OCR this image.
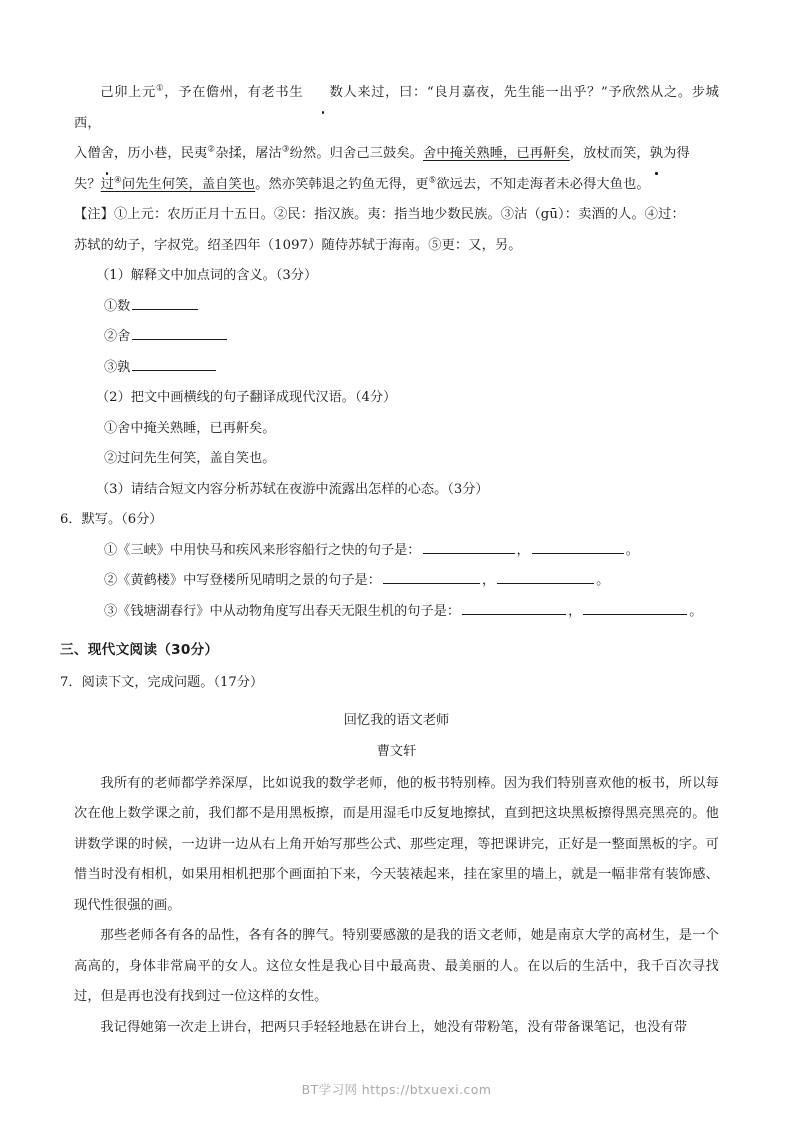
己卯上元①，予在儋州，有老书生 数人来过，曰：“良月嘉夜，先生能一出乎？”予欣然从之。步城西，

入僧舍，历小巷，民夷②杂揉，屠沽③纷然。归舍己三鼓矣。舍中掩关熟睡，已再鼾矣，放杖而笑，孰为得

失？过④问先生何笑，盖自笑也。然亦笑韩退之钓鱼无得，更⑤欲远去，不知走海者未必得大鱼也。

【注】①上元：农历正月十五日。②民：指汉族。夷：指当地少数民族。③沽（gū）：卖酒的人。④过：

苏轼的幼子，字叔党。绍圣四年（1097）随侍苏轼于海南。⑤更：又，另。

（1）解释文中加点词的含义。（3分）

①数

②舍

③孰

（2）把文中画横线的句子翻译成现代汉语。（4分）

①舍中掩关熟睡，已再鼾矣。

②过问先生何笑，盖自笑也。

（3）请结合短文内容分析苏轼在夜游中流露出怎样的心态。（3分）

6．默写。（6分）

①《三峡》中用快马和疾风来形容船行之快的句子是：	，	。

②《黄鹤楼》中写登楼所见晴明之景的句子是：	，	。

③《钱塘湖春行》中从动物角度写出春天无限生机的句子是：	，	。

三、现代文阅读（30分）

7．阅读下文，完成问题。（17分）

回忆我的语文老师

曹文轩

我所有的老师都学养深厚，比如说我的数学老师，他的板书特别棒。因为我们特别喜欢他的板书，所以每次在他上数学课之前，我们都不是用黑板擦，而是用湿毛巾反复地擦拭，直到把这块黑板擦得黑亮黑亮的。他讲数学课的时候，一边讲一边从右上角开始写那些公式、那些定理，等把课讲完，正好是一整面黑板的字。可惜当时没有相机，如果用相机把那个画面拍下来，今天装裱起来，挂在家里的墙上，就是一幅非常有装饰感、现代性很强的画。

那些老师各有各的品性，各有各的脾气。特别要感激的是我的语文老师，她是南京大学的高材生，是一个高高的，身体非常扁平的女人。这位女性是我心目中最高贵、最美丽的人。在以后的生活中，我千百次寻找过，但是再也没有找到过一位这样的女性。

我记得她第一次走上讲台，把两只手轻轻地悬在讲台上，她没有带粉笔，没有带备课笔记，也没有带

BT学习网 https://btxuexi.com
